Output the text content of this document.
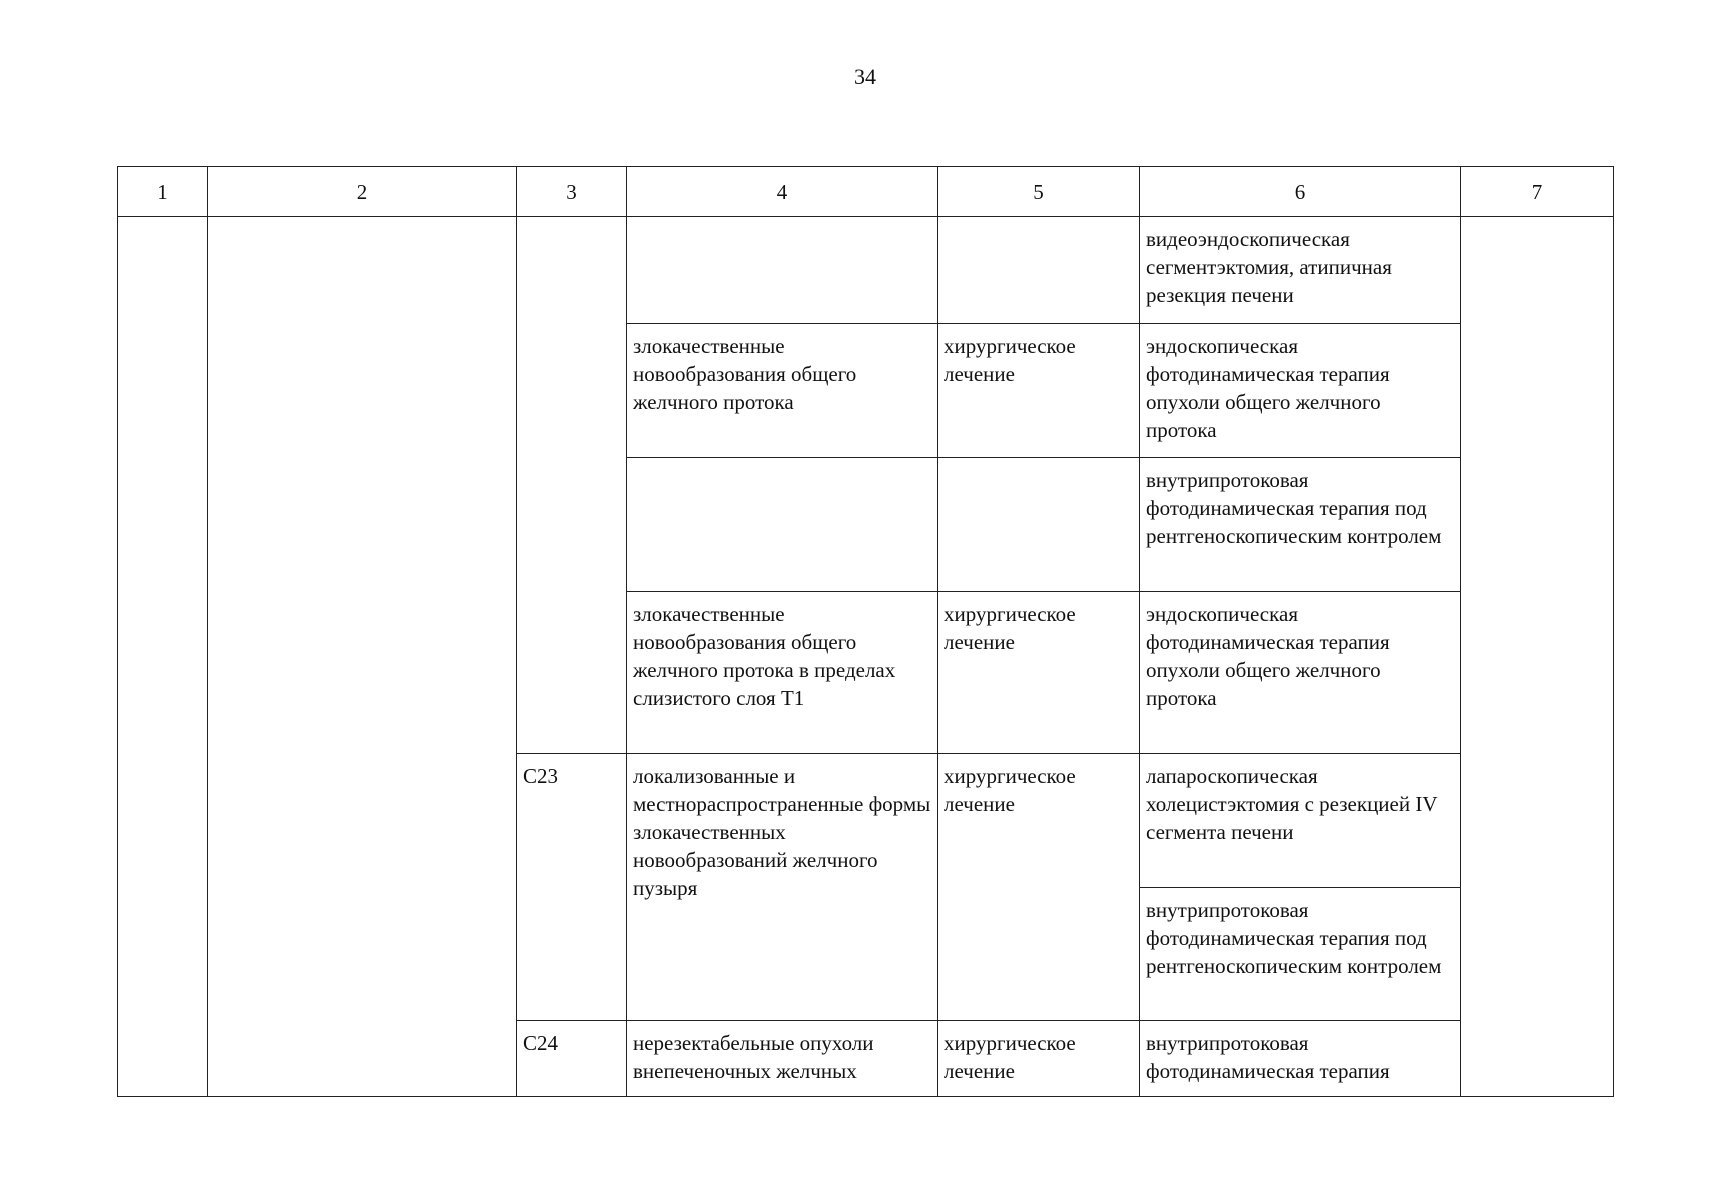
34
1	2	3	4	5	6	7
					видеоэндоскопическая сегментэктомия, атипичная резекция печени	
			злокачественные новообразования общего желчного протока	хирургическое лечение	эндоскопическая фотодинамическая терапия опухоли общего желчного протока	
					внутрипротоковая фотодинамическая терапия под рентгеноскопическим контролем	
			злокачественные новообразования общего желчного протока в пределах слизистого слоя Т1	хирургическое лечение	эндоскопическая фотодинамическая терапия опухоли общего желчного протока	
		С23	локализованные и местнораспространенные формы злокачественных новообразований желчного пузыря	хирургическое лечение	лапароскопическая холецистэктомия с резекцией IV сегмента печени	
					внутрипротоковая фотодинамическая терапия под рентгеноскопическим контролем	
		С24	нерезектабельные опухоли внепеченочных желчных	хирургическое лечение	внутрипротоковая фотодинамическая терапия	
